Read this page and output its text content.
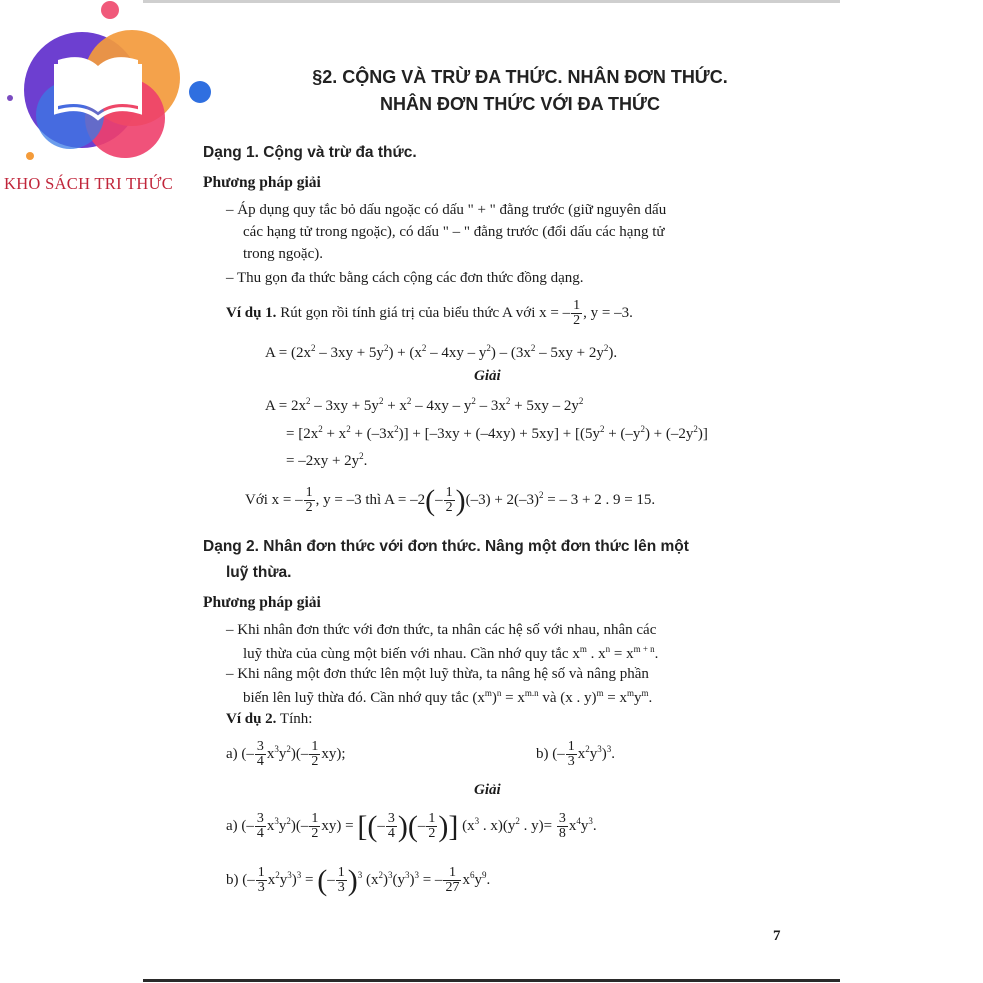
KHO SÁCH TRI THỨC
§2. CỘNG VÀ TRỪ ĐA THỨC. NHÂN ĐƠN THỨC.
NHÂN ĐƠN THỨC VỚI ĐA THỨC
Dạng 1. Cộng và trừ đa thức.
Phương pháp giải
– Áp dụng quy tắc bỏ dấu ngoặc có dấu " + " đằng trước (giữ nguyên dấu
các hạng tử trong ngoặc), có dấu " – " đằng trước (đổi dấu các hạng tử
trong ngoặc).
– Thu gọn đa thức bằng cách cộng các đơn thức đồng dạng.
Ví dụ 1. Rút gọn rồi tính giá trị của biểu thức A với x = – $\frac{1}{2}$ , y = –3.
$A = (2x^2 - 3xy + 5y^2) + (x^2 - 4xy - y^2) - (3x^2 - 5xy + 2y^2)$.
Giải
$A = 2x^2 - 3xy + 5y^2 + x^2 - 4xy - y^2 - 3x^2 + 5xy - 2y^2$
= $[2x^2 + x^2 + (-3x^2)] + [-3xy + (-4xy) + 5xy] + [(5y^2 + (-y^2) + (-2y^2)]$
= $-2xy + 2y^2$.
Với x = – $\frac{1}{2}$ , y = –3 thì $A = -2(- \frac{1}{2} )(-3) + 2(-3)^2$ = – 3 + 2 . 9 = 15.
Dạng 2. Nhân đơn thức với đơn thức. Nâng một đơn thức lên một
luỹ thừa.
Phương pháp giải
– Khi nhân đơn thức với đơn thức, ta nhân các hệ số với nhau, nhân các
luỹ thừa của cùng một biến với nhau. Cần nhớ quy tắc $x^m$ . $x^n = x^{m + n}$.
– Khi nâng một đơn thức lên một luỹ thừa, ta nâng hệ số và nâng phần
biến lên luỹ thừa đó. Cần nhớ quy tắc $(x^m)^n = x^{m.n}$ và (x . $y)^m = x^my^m$.
Ví dụ 2. Tính:
a) (– $\frac{3}{4} x^3y^2)(- \frac{1}{2} xy)$;	b) (– $\frac{1}{3} x^2y^3)^3$.
Giải
a) (– $\frac{3}{4} x^3y^2)(- \frac{1}{2} xy)$ = [(– $\frac{3}{4}$ )(– $\frac{1}{2}$ )] ($x^3$ . $x)(y^2$ . $y)= \frac{3}{8} x^4y^3$.
b) (– $\frac{1}{3} x^2y^3)^3$ = (– $\frac{1}{3} )^3$ $(x^2)^3(y^3)^3$ = – $\frac{1}{27} x^6y^9$.
7
